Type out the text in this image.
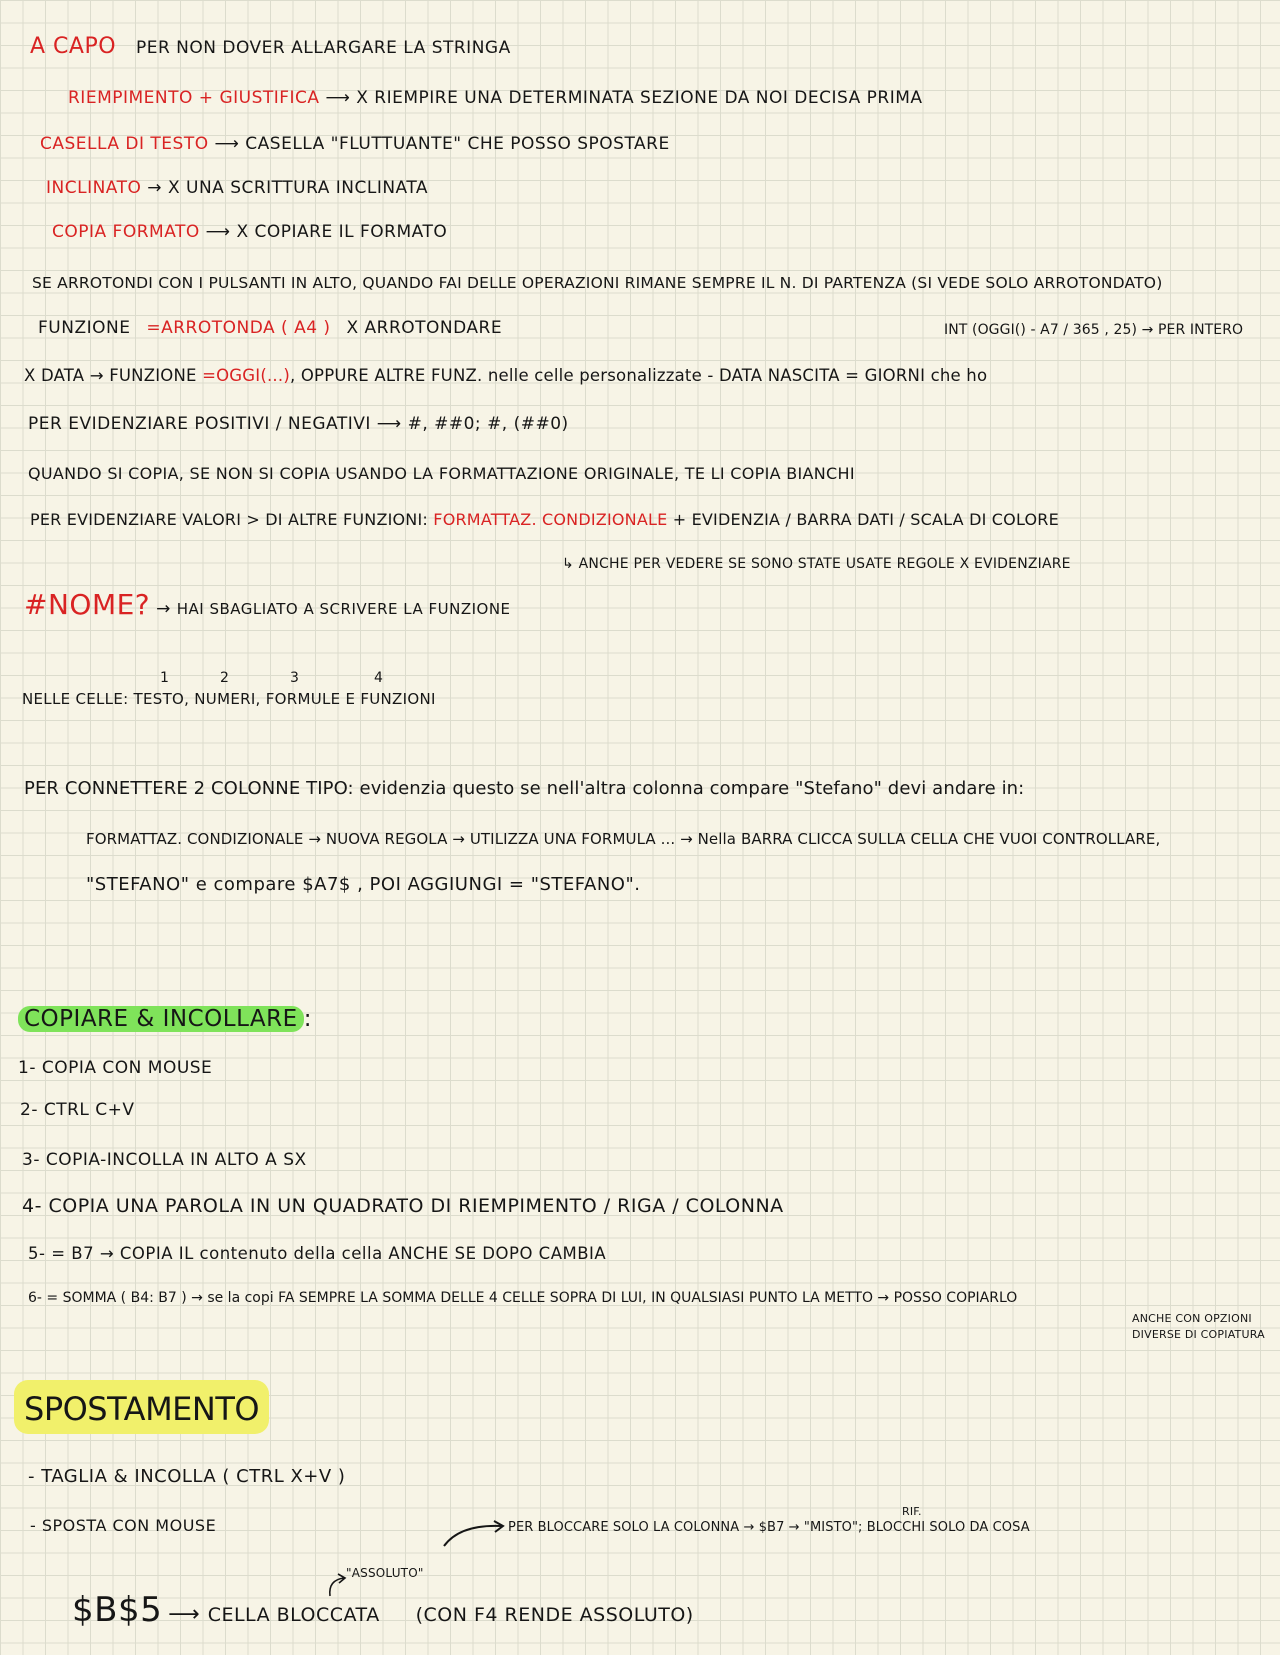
A CAPO PER NON DOVER ALLARGARE LA STRINGA
RIEMPIMENTO + GIUSTIFICA ⟶ X RIEMPIRE UNA DETERMINATA SEZIONE DA NOI DECISA PRIMA
CASELLA DI TESTO ⟶ CASELLA "FLUTTUANTE" CHE POSSO SPOSTARE
INCLINATO → X UNA SCRITTURA INCLINATA
COPIA FORMATO ⟶ X COPIARE IL FORMATO
SE ARROTONDI CON I PULSANTI IN ALTO, QUANDO FAI DELLE OPERAZIONI RIMANE SEMPRE IL N. DI PARTENZA (SI VEDE SOLO ARROTONDATO)
INT (OGGI() - A7 / 365 , 25) → PER INTERO
FUNZIONE =ARROTONDA ( A4 ) X ARROTONDARE
X DATA → FUNZIONE =OGGI(...), OPPURE ALTRE FUNZ. nelle celle personalizzate - DATA NASCITA = GIORNI che ho
PER EVIDENZIARE POSITIVI / NEGATIVI ⟶ #, ##0; #, (##0)
QUANDO SI COPIA, SE NON SI COPIA USANDO LA FORMATTAZIONE ORIGINALE, TE LI COPIA BIANCHI
PER EVIDENZIARE VALORI > DI ALTRE FUNZIONI: FORMATTAZ. CONDIZIONALE + EVIDENZIA / BARRA DATI / SCALA DI COLORE
↳ ANCHE PER VEDERE SE SONO STATE USATE REGOLE X EVIDENZIARE
#NOME? → HAI SBAGLIATO A SCRIVERE LA FUNZIONE
1	2	3	4
NELLE CELLE: TESTO, NUMERI, FORMULE E FUNZIONI
PER CONNETTERE 2 COLONNE TIPO: evidenzia questo se nell'altra colonna compare "Stefano" devi andare in:
FORMATTAZ. CONDIZIONALE → NUOVA REGOLA → UTILIZZA UNA FORMULA ... → Nella BARRA CLICCA SULLA CELLA CHE VUOI CONTROLLARE,
"STEFANO" e compare $A7$ , POI AGGIUNGI = "STEFANO".
COPIARE & INCOLLARE :
1- COPIA CON MOUSE
2- CTRL C+V
3- COPIA-INCOLLA IN ALTO A SX
4- COPIA UNA PAROLA IN UN QUADRATO DI RIEMPIMENTO / RIGA / COLONNA
5- = B7 → COPIA IL contenuto della cella ANCHE SE DOPO CAMBIA
6- = SOMMA ( B4: B7 ) → se la copi FA SEMPRE LA SOMMA DELLE 4 CELLE SOPRA DI LUI, IN QUALSIASI PUNTO LA METTO → POSSO COPIARLO
ANCHE CON OPZIONI
DIVERSE DI COPIATURA
SPOSTAMENTO
- TAGLIA & INCOLLA ( CTRL X+V )
- SPOSTA CON MOUSE
RIF.
PER BLOCCARE SOLO LA COLONNA → $B7 → "MISTO"; BLOCCHI SOLO DA COSA
"ASSOLUTO"
$B$5 ⟶ CELLA BLOCCATA (CON F4 RENDE ASSOLUTO)
